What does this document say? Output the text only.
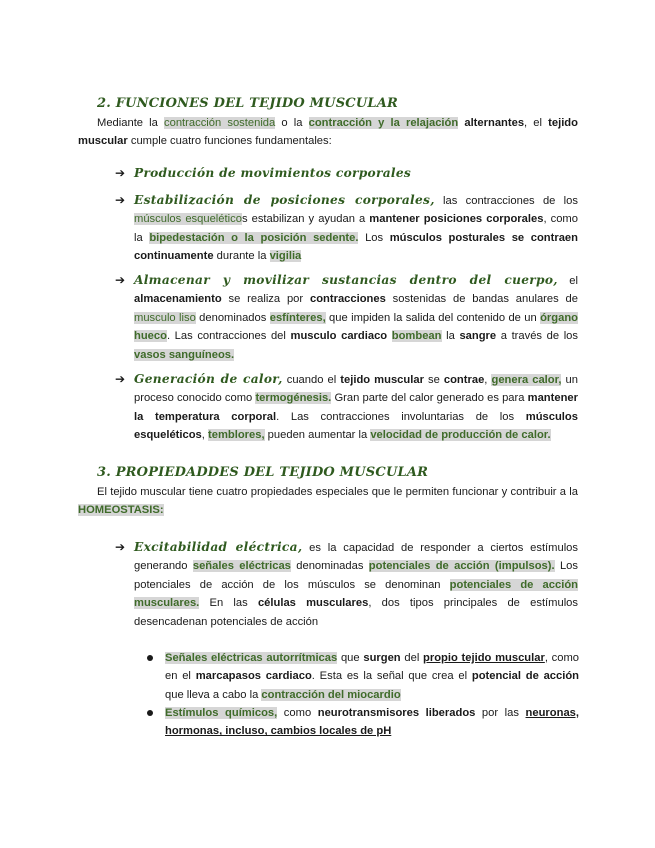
2. FUNCIONES DEL TEJIDO MUSCULAR
Mediante la contracción sostenida o la contracción y la relajación alternantes, el tejido muscular cumple cuatro funciones fundamentales:
➔ Producción de movimientos corporales
➔ Estabilización de posiciones corporales, las contracciones de los músculos esqueléticos estabilizan y ayudan a mantener posiciones corporales, como la bipedestación o la posición sedente. Los músculos posturales se contraen continuamente durante la vigilia
➔ Almacenar y movilizar sustancias dentro del cuerpo, el almacenamiento se realiza por contracciones sostenidas de bandas anulares de musculo liso denominados esfínteres, que impiden la salida del contenido de un órgano hueco. Las contracciones del musculo cardiaco bombean la sangre a través de los vasos sanguíneos.
➔ Generación de calor, cuando el tejido muscular se contrae, genera calor, un proceso conocido como termogénesis. Gran parte del calor generado es para mantener la temperatura corporal. Las contracciones involuntarias de los músculos esqueléticos, temblores, pueden aumentar la velocidad de producción de calor.
3. PROPIEDADDES DEL TEJIDO MUSCULAR
El tejido muscular tiene cuatro propiedades especiales que le permiten funcionar y contribuir a la HOMEOSTASIS:
➔ Excitabilidad eléctrica, es la capacidad de responder a ciertos estímulos generando señales eléctricas denominadas potenciales de acción (impulsos). Los potenciales de acción de los músculos se denominan potenciales de acción musculares. En las células musculares, dos tipos principales de estímulos desencadenan potenciales de acción
Señales eléctricas autorrítmicas que surgen del propio tejido muscular, como en el marcapasos cardiaco. Esta es la señal que crea el potencial de acción que lleva a cabo la contracción del miocardio
Estímulos químicos, como neurotransmisores liberados por las neuronas, hormonas, incluso, cambios locales de pH
